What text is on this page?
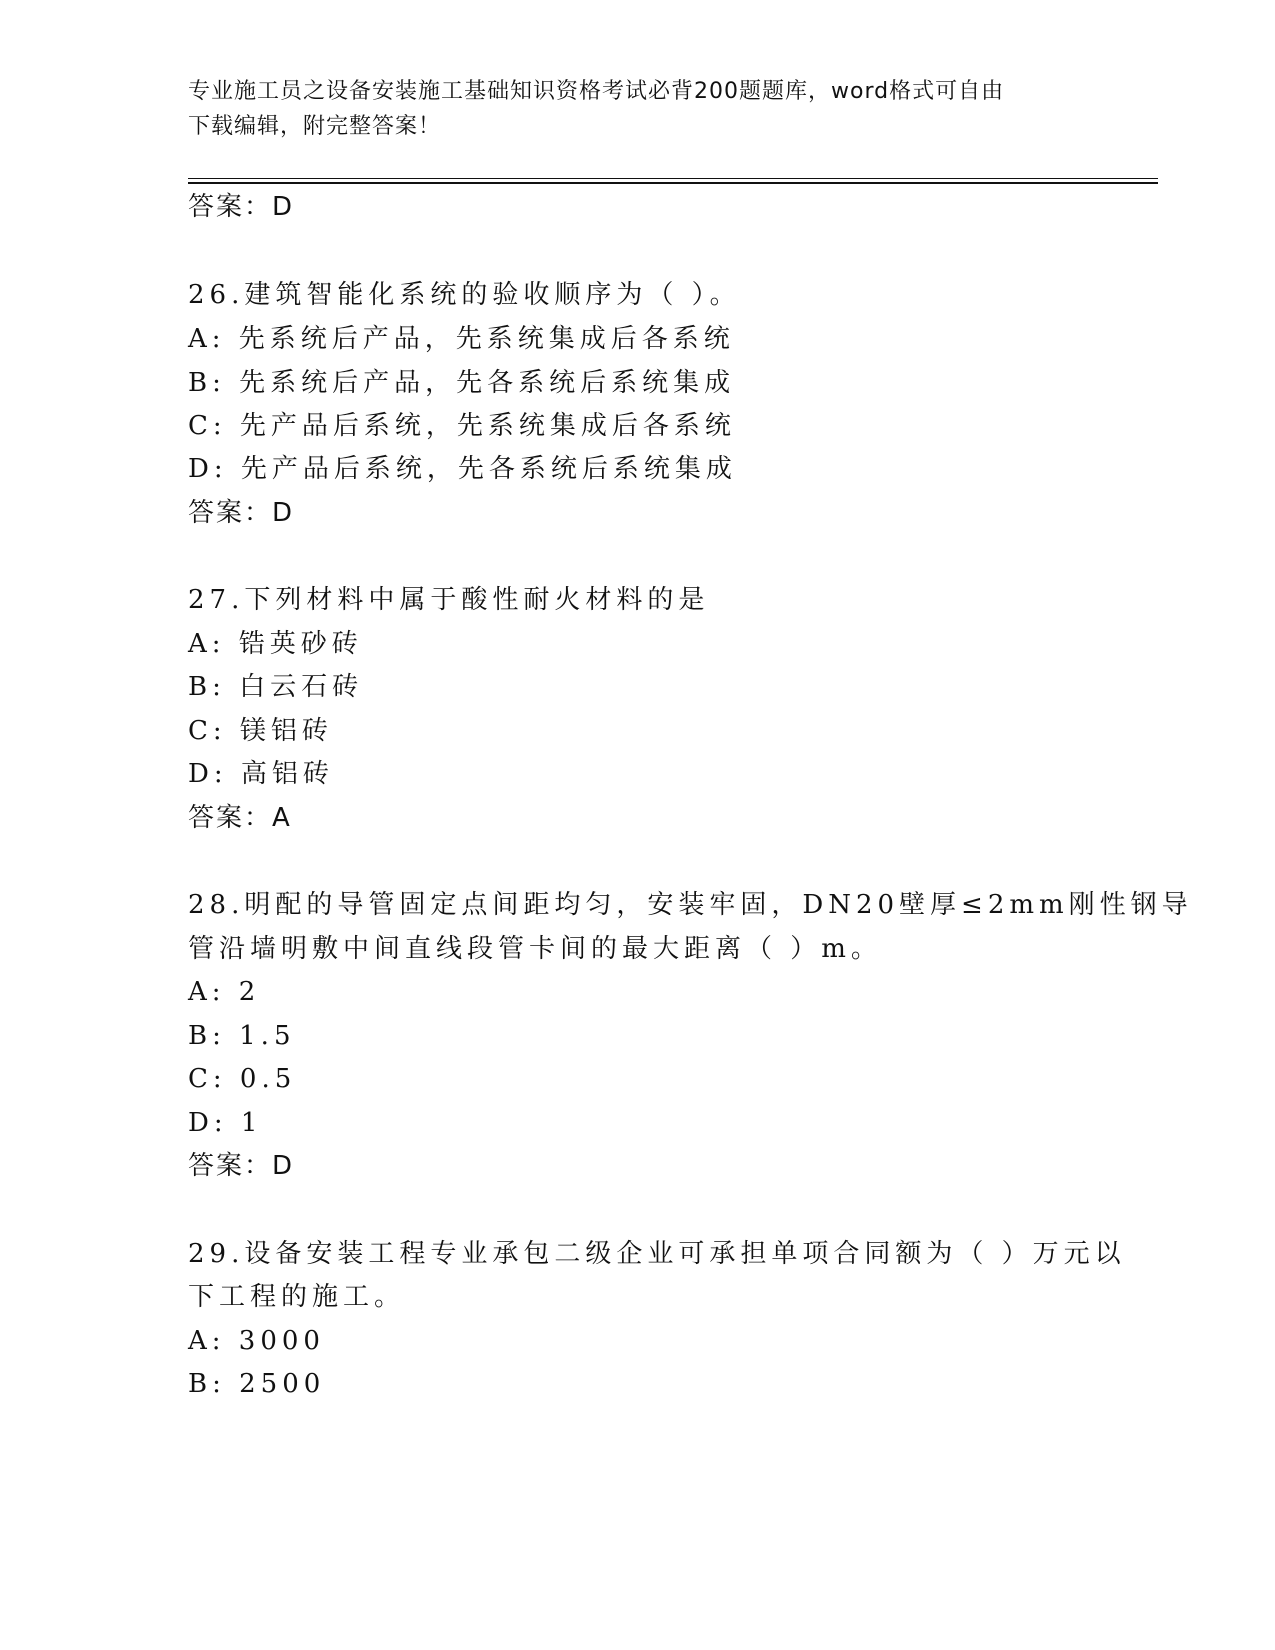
专业施工员之设备安装施工基础知识资格考试必背200题题库，word格式可自由
下载编辑，附完整答案！
答案：D
26.建筑智能化系统的验收顺序为（ ）。
A: 先系统后产品，先系统集成后各系统
B: 先系统后产品，先各系统后系统集成
C: 先产品后系统，先系统集成后各系统
D: 先产品后系统，先各系统后系统集成
答案：D
27.下列材料中属于酸性耐火材料的是
A: 锆英砂砖
B: 白云石砖
C: 镁铝砖
D: 高铝砖
答案：A
28.明配的导管固定点间距均匀，安装牢固，DN20壁厚≤2mm刚性钢导
管沿墙明敷中间直线段管卡间的最大距离（ ）m。
A: 2
B: 1.5
C: 0.5
D: 1
答案：D
29.设备安装工程专业承包二级企业可承担单项合同额为（ ）万元以
下工程的施工。
A: 3000
B: 2500
